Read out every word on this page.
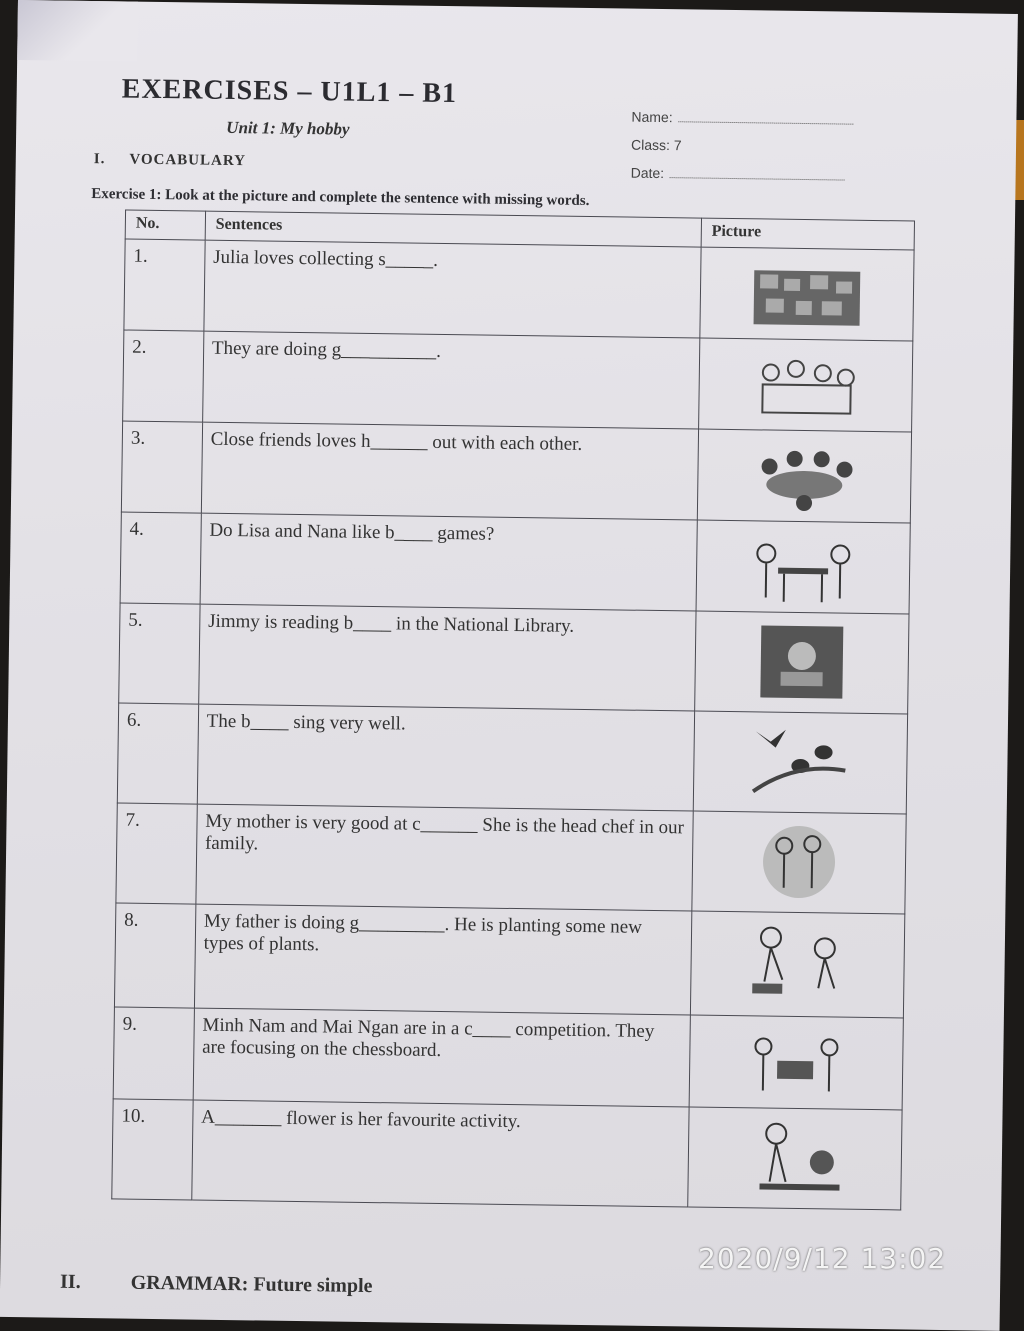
EXERCISES – U1L1 – B1
Unit 1: My hobby
Name:
Class: 7
Date:
I. VOCABULARY
Exercise 1: Look at the picture and complete the sentence with missing words.
No.	Sentences	Picture
1.	Julia loves collecting s_____.	

2.	They are doing g__________.	

3.	Close friends loves h______ out with each other.	

4.	Do Lisa and Nana like b____ games?	

5.	Jimmy is reading b____ in the National Library.	

6.	The b____ sing very well.	

7.	My mother is very good at c______ She is the head chef in our family.	

8.	My father is doing g_________. He is planting some new types of plants.	

9.	Minh Nam and Mai Ngan are in a c____ competition. They are focusing on the chessboard.	

10.	A_______ flower is her favourite activity.	
II. GRAMMAR: Future simple
2020/9/12 13:02
